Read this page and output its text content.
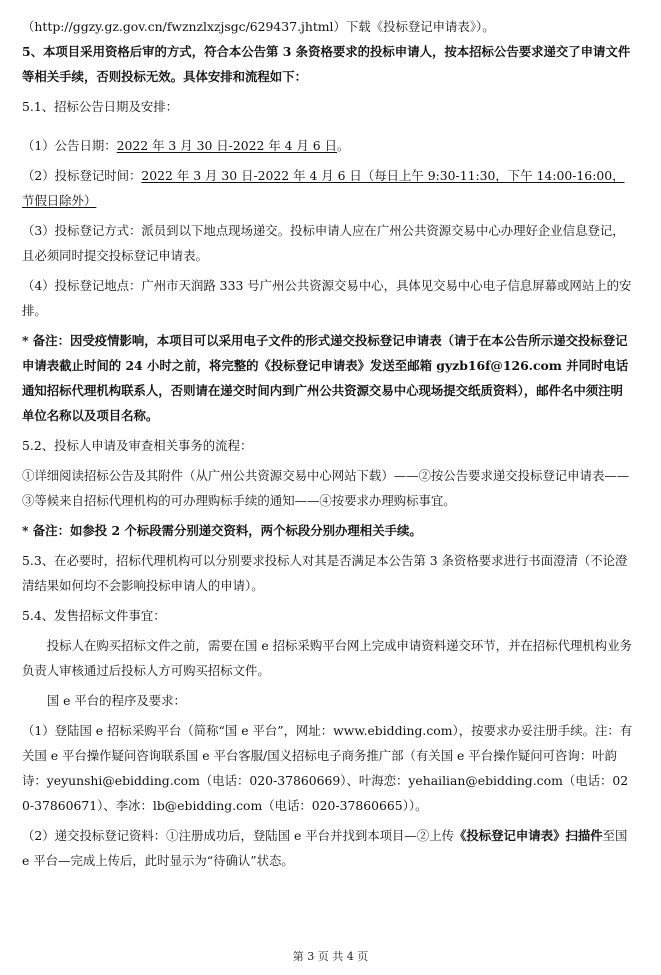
（http://ggzy.gz.gov.cn/fwznzlxzjsgc/629437.jhtml）下载《投标登记申请表》）。

5、本项目采用资格后审的方式，符合本公告第 3 条资格要求的投标申请人，按本招标公告要求递交了申请文件等相关手续，否则投标无效。具体安排和流程如下：

5.1、招标公告日期及安排：

（1）公告日期：2022 年 3 月 30 日-2022 年 4 月 6 日。

（2）投标登记时间：2022 年 3 月 30 日-2022 年 4 月 6 日（每日上午 9:30-11:30，下午 14:00-16:00，节假日除外）

（3）投标登记方式：派员到以下地点现场递交。投标申请人应在广州公共资源交易中心办理好企业信息登记，且必须同时提交投标登记申请表。

（4）投标登记地点：广州市天润路 333 号广州公共资源交易中心，具体见交易中心电子信息屏幕或网站上的安排。

* 备注：因受疫情影响，本项目可以采用电子文件的形式递交投标登记申请表（请于在本公告所示递交投标登记申请表截止时间的 24 小时之前，将完整的《投标登记申请表》发送至邮箱 gyzb16f@126.com 并同时电话通知招标代理机构联系人，否则请在递交时间内到广州公共资源交易中心现场提交纸质资料），邮件名中须注明单位名称以及项目名称。

5.2、投标人申请及审查相关事务的流程：

①详细阅读招标公告及其附件（从广州公共资源交易中心网站下载）——②按公告要求递交投标登记申请表——③等候来自招标代理机构的可办理购标手续的通知——④按要求办理购标事宜。

* 备注：如参投 2 个标段需分别递交资料，两个标段分别办理相关手续。

5.3、在必要时，招标代理机构可以分别要求投标人对其是否满足本公告第 3 条资格要求进行书面澄清（不论澄清结果如何均不会影响投标申请人的申请）。

5.4、发售招标文件事宜：

投标人在购买招标文件之前，需要在国 e 招标采购平台网上完成申请资料递交环节，并在招标代理机构业务负责人审核通过后投标人方可购买招标文件。

国 e 平台的程序及要求：

（1）登陆国 e 招标采购平台（简称“国 e 平台”，网址：www.ebidding.com），按要求办妥注册手续。注：有关国 e 平台操作疑问咨询联系国 e 平台客服/国义招标电子商务推广部（有关国 e 平台操作疑问可咨询：叶韵诗：yeyunshi@ebidding.com（电话：020-37860669）、叶海恋：yehailian@ebidding.com（电话：020-37860671）、李冰：lb@ebidding.com（电话：020-37860665））。

（2）递交投标登记资料：①注册成功后，登陆国 e 平台并找到本项目—②上传《投标登记申请表》扫描件至国 e 平台—完成上传后，此时显示为“待确认”状态。

第 3 页 共 4 页
